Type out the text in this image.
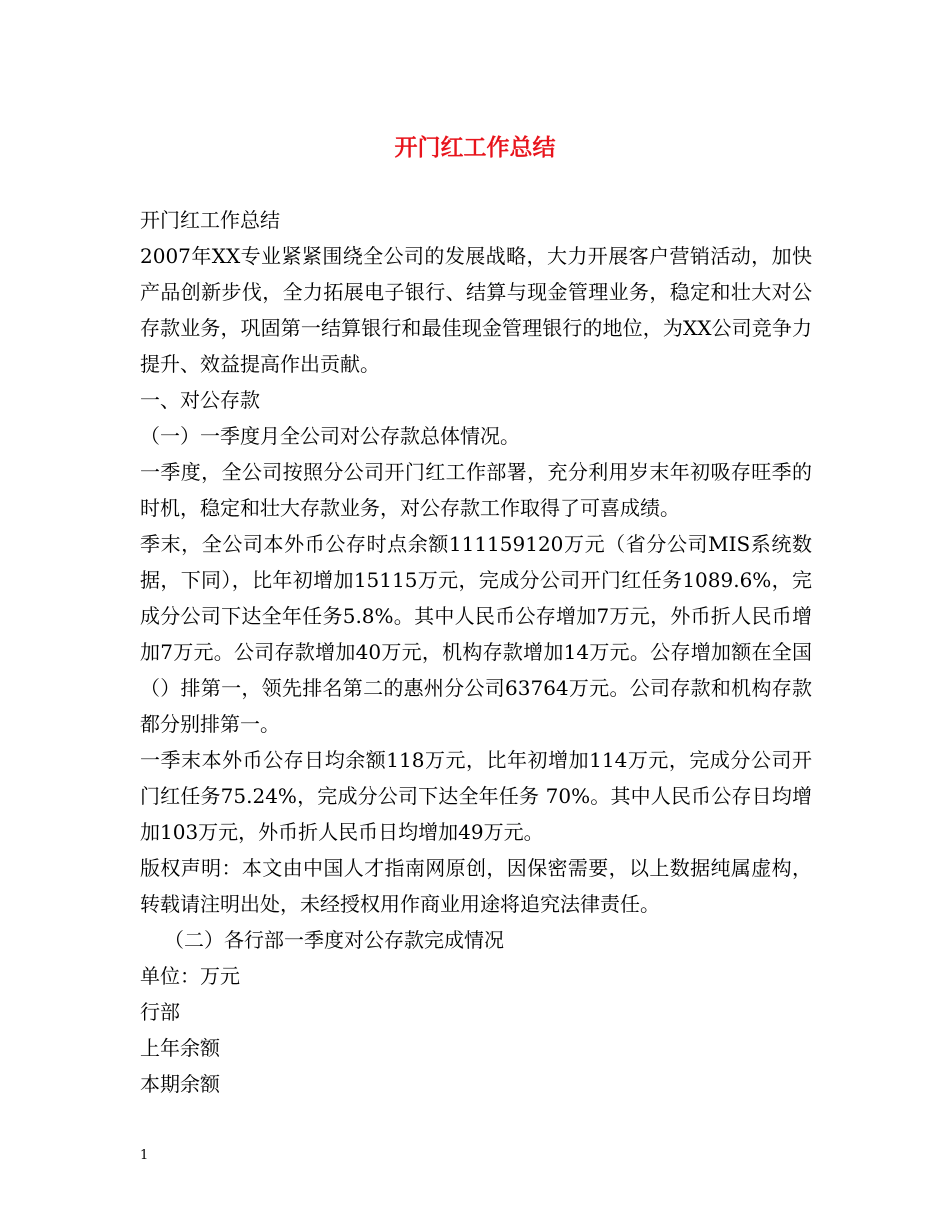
开门红工作总结

开门红工作总结

2007年XX专业紧紧围绕全公司的发展战略，大力开展客户营销活动，加快产品创新步伐，全力拓展电子银行、结算与现金管理业务，稳定和壮大对公存款业务，巩固第一结算银行和最佳现金管理银行的地位，为XX公司竞争力提升、效益提高作出贡献。

一、对公存款

（一）一季度月全公司对公存款总体情况。

一季度，全公司按照分公司开门红工作部署，充分利用岁末年初吸存旺季的时机，稳定和壮大存款业务，对公存款工作取得了可喜成绩。

季末，全公司本外币公存时点余额111159120万元（省分公司MIS系统数据，下同），比年初增加15115万元，完成分公司开门红任务1089.6%，完成分公司下达全年任务5.8%。其中人民币公存增加7万元，外币折人民币增加7万元。公司存款增加40万元，机构存款增加14万元。公存增加额在全国（）排第一，领先排名第二的惠州分公司63764万元。公司存款和机构存款都分别排第一。

一季末本外币公存日均余额118万元，比年初增加114万元，完成分公司开门红任务75.24%，完成分公司下达全年任务 70%。其中人民币公存日均增加103万元，外币折人民币日均增加49万元。

版权声明：本文由中国人才指南网原创，因保密需要，以上数据纯属虚构，转载请注明出处，未经授权用作商业用途将追究法律责任。

（二）各行部一季度对公存款完成情况

单位：万元

行部

上年余额

本期余额

1
